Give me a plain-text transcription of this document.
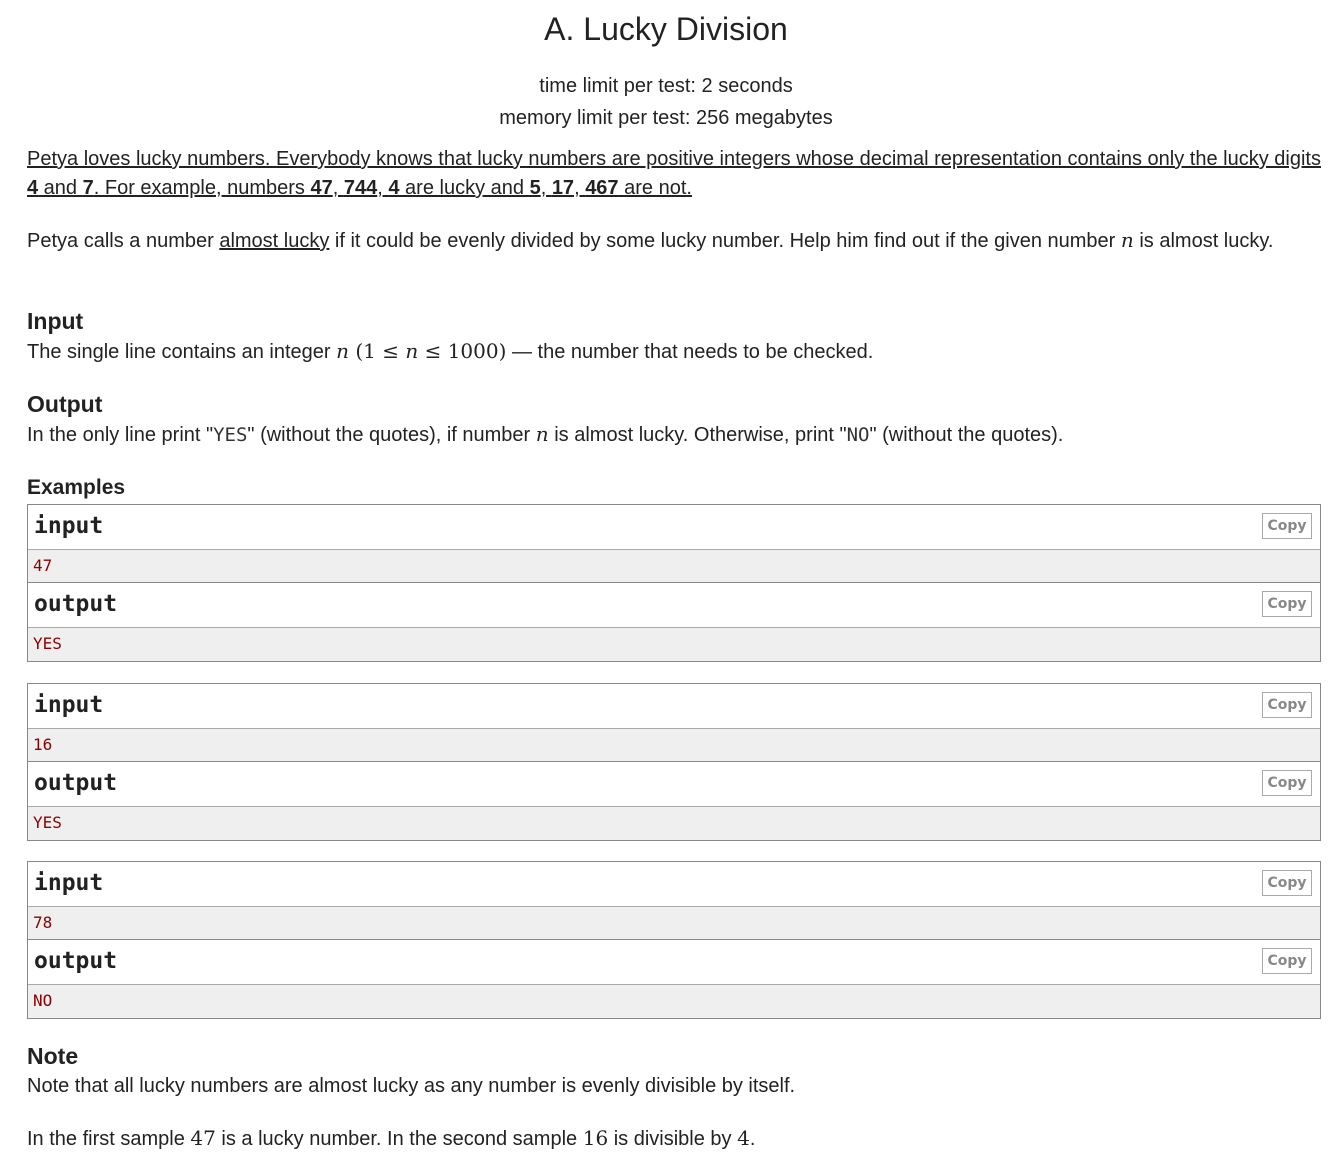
A. Lucky Division
time limit per test: 2 seconds
memory limit per test: 256 megabytes

Petya loves lucky numbers. Everybody knows that lucky numbers are positive integers whose decimal representation contains only the lucky digits 4 and 7. For example, numbers 47, 744, 4 are lucky and 5, 17, 467 are not.

Petya calls a number almost lucky if it could be evenly divided by some lucky number. Help him find out if the given number n is almost lucky.

Input

The single line contains an integer n (1 ≤ n ≤ 1000) — the number that needs to be checked.

Output

In the only line print "YES" (without the quotes), if number n is almost lucky. Otherwise, print "NO" (without the quotes).

Examples
input	Copy
47
output	Copy
YES
input	Copy
16
output	Copy
YES
input	Copy
78
output	Copy
NO
Note

Note that all lucky numbers are almost lucky as any number is evenly divisible by itself.

In the first sample 47 is a lucky number. In the second sample 16 is divisible by 4.
